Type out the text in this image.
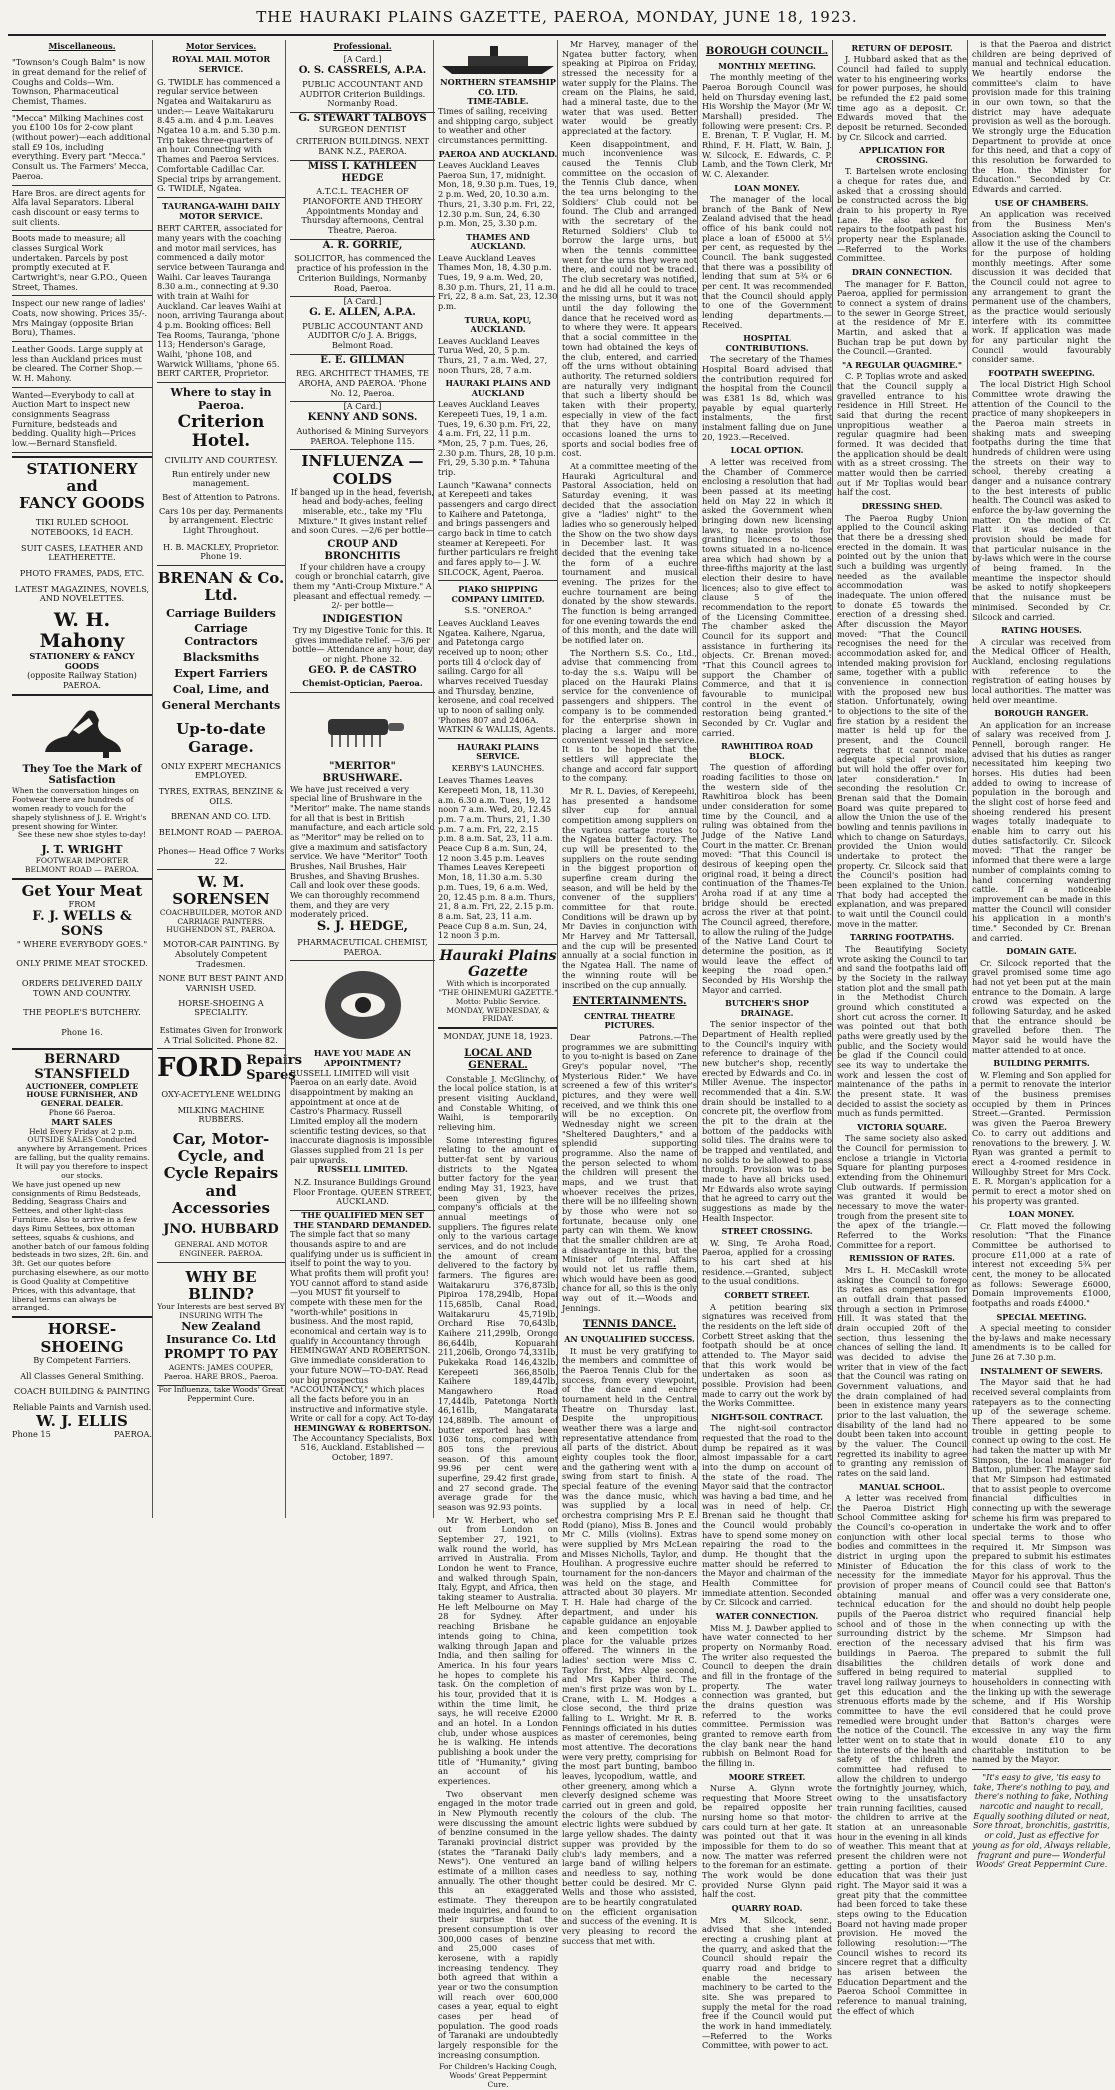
THE HAURAKI PLAINS GAZETTE, PAEROA, MONDAY, JUNE 18, 1923.
Miscellaneous.
"Townson's Cough Balm" is now in great demand for the relief of Coughs and Colds—Wm. Townson, Pharmaceutical Chemist, Thames.
"Mecca" Milking Machines cost you £100 10s for 2-cow plant (without power)—each additional stall £9 10s, including everything. Every part "Mecca." Consult us. The Farmers' Mecca, Paeroa.
Hare Bros. are direct agents for Alfa laval Separators. Liberal cash discount or easy terms to suit clients.
Boots made to measure; all classes Surgical Work undertaken. Parcels by post promptly executed at F. Cartwright's, near G.P.O., Queen Street, Thames.
Inspect our new range of ladies' Coats, now showing. Prices 35/-. Mrs Maingay (opposite Brian Boru), Thames.
Leather Goods. Large supply at less than Auckland prices must be cleared. The Corner Shop.—W. H. Mahony.
Wanted—Everybody to call at Auction Mart to inspect new consignments Seagrass Furniture, bedsteads and bedding. Quality high—Prices low.—Bernard Stansfield.
STATIONERY
and
FANCY GOODS
TIKI RULED SCHOOL NOTEBOOKS, 1d EACH.
SUIT CASES, LEATHER AND LEATHERETTE.
PHOTO FRAMES, PADS, ETC.
LATEST MAGAZINES, NOVELS, AND NOVELETTES.
W. H. Mahony
STATIONERY & FANCY GOODS
(opposite Railway Station)
PAEROA.
They Toe the Mark of Satisfaction
When the conversation hinges on Footwear there are hundreds of women ready to vouch for the shapely stylishness of J. E. Wright's present showing for Winter.
See these new shoe styles to-day!
J. T. WRIGHT
FOOTWEAR IMPORTER
BELMONT ROAD — PAEROA.
Get Your Meat
FROM
F. J. WELLS & SONS
" WHERE EVERYBODY GOES."
ONLY PRIME MEAT STOCKED.
ORDERS DELIVERED DAILY TOWN AND COUNTRY.
THE PEOPLE'S BUTCHERY.
Phone 16.
BERNARD STANSFIELD
AUCTIONEER, COMPLETE HOUSE FURNISHER, AND GENERAL DEALER.
Phone 66 Paeroa.
MART SALES
Held Every Friday at 2 p.m. OUTSIDE SALES Conducted anywhere by Arrangement. Prices are falling, but the quality remains. It will pay you therefore to inspect our stocks.
We have just opened up new consignments of Rimu Bedsteads, Bedding, Seagrass Chairs and Settees, and other light-class Furniture. Also to arrive in a few days Rimu Settees, box ottoman settees, squabs & cushions, and another batch of our famous folding bedsteads in two sizes, 2ft. 6in. and 3ft. Get our quotes before purchasing elsewhere, as our motto is Good Quality at Competitive Prices, with this advantage, that liberal terms can always be arranged.
HORSE-SHOEING
By Competent Farriers.
All Classes General Smithing.
COACH BUILDING & PAINTING
Reliable Paints and Varnish used.
W. J. ELLIS
Phone 15	PAEROA.
Motor Services.
ROYAL MAIL MOTOR SERVICE.
G. TWIDLE has commenced a regular service between Ngatea and Waitakaruru as under:— Leave Waitakaruru 8.45 a.m. and 4 p.m. Leaves Ngatea 10 a.m. and 5.30 p.m. Trip takes three-quarters of an hour. Connecting with Thames and Paeroa Services. Comfortable Cadillac Car. Special trips by arrangement. G. TWIDLE, Ngatea.
TAURANGA-WAIHI DAILY MOTOR SERVICE.
BERT CARTER, associated for many years with the coaching and motor mail services, has commenced a daily motor service between Tauranga and Waihi. Car leaves Tauranga 8.30 a.m., connecting at 9.30 with train at Waihi for Auckland. Car leaves Waihi at noon, arriving Tauranga about 4 p.m. Booking offices: Bell Tea Rooms, Tauranga, 'phone 113; Henderson's Garage, Waihi, 'phone 108, and Warwick Williams, 'phone 65. BERT CARTER, Proprietor.
Where to stay in Paeroa.
Criterion Hotel.
CIVILITY AND COURTESY.
Run entirely under new management.
Best of Attention to Patrons.
Cars 10s per day. Permanents by arrangement. Electric Light Throughout.
H. B. MACKLEY, Proprietor. Phone 19.
BRENAN & Co. Ltd.
Carriage Builders
Carriage Contractors
Blacksmiths
Expert Farriers
Coal, Lime, and
General Merchants
Up-to-date Garage.
ONLY EXPERT MECHANICS EMPLOYED.
TYRES, EXTRAS, BENZINE & OILS.
BRENAN AND CO. LTD.
BELMONT ROAD — PAEROA.
Phones— Head Office 7 Works 22.
W. M. SORENSEN
COACHBUILDER, MOTOR AND CARRIAGE PAINTERS. HUGHENDON ST., PAEROA.
MOTOR-CAR PAINTING. By Absolutely Competent Tradesmen.
NONE BUT BEST PAINT AND VARNISH USED.
HORSE-SHOEING A SPECIALITY.
Estimates Given for Ironwork A Trial Solicited. Phone 82.
FORD Repairs
Spares
OXY-ACETYLENE WELDING
MILKING MACHINE RUBBERS.
Car, Motor-Cycle, and Cycle Repairs and Accessories
JNO. HUBBARD
GENERAL AND MOTOR ENGINEER. PAEROA.
WHY BE BLIND?
Your Interests are best served BY INSURING WITH The
New Zealand Insurance Co. Ltd
PROMPT TO PAY
AGENTS: JAMES COUPER, Paeroa. HARE BROS., Paeroa.
For Influenza, take Woods' Great Peppermint Cure.
Professional.
[A Card.]
O. S. CASSRELS, A.P.A.
PUBLIC ACCOUNTANT AND AUDITOR Criterion Buildings. Normanby Road.
G. STEWART TALBOYS
SURGEON DENTIST
CRITERION BUILDINGS. NEXT BANK N.Z., PAEROA.
MISS I. KATHLEEN HEDGE
A.T.C.L. TEACHER OF PIANOFORTE AND THEORY Appointments Monday and Thursday afternoons, Central Theatre, Paeroa.
A. R. GORRIE,
SOLICITOR, has commenced the practice of his profession in the Criterion Buildings, Normanby Road, Paeroa.
[A Card.]
G. E. ALLEN, A.P.A.
PUBLIC ACCOUNTANT AND AUDITOR C/o J. A. Briggs, Belmont Road.
E. E. GILLMAN
REG. ARCHITECT THAMES, TE AROHA, AND PAEROA. 'Phone No. 12, Paeroa.
[A Card.]
KENNY AND SONS.
Authorised & Mining Surveyors PAEROA. Telephone 115.
INFLUENZA — COLDS
If banged up in the head, feverish, head and body-aches, feeling miserable, etc., take my "Flu Mixture." It gives instant relief and soon Cures. —2/6 per bottle—
CROUP AND BRONCHITIS
If your children have a croupy cough or bronchial catarrh, give them my "Anti-Croup Mixture." A pleasant and effectual remedy. —2/- per bottle—
INDIGESTION
Try my Digestive Tonic for this. It gives immediate relief. —3/6 per bottle— Attendance any hour, day or night. Phone 32.
GEO. P. de CASTRO
Chemist-Optician, Paeroa.
"MERITOR" BRUSHWARE.
We have just received a very special line of Brushware in the "Meritor" make. The name stands for all that is best in British manufacture, and each article sold as "Meritor" may be relied on to give a maximum and satisfactory service. We have "Meritor" Tooth Brushes, Nail Brushes, Hair Brushes, and Shaving Brushes. Call and look over these goods. We can thoroughly recommend them, and they are very moderately priced.
S. J. HEDGE,
PHARMACEUTICAL CHEMIST, PAEROA.
HAVE YOU MADE AN APPOINTMENT?
RUSSELL LIMITED will visit Paeroa on an early date. Avoid disappointment by making an appointment at once at de Castro's Pharmacy. Russell Limited employ all the modern scientific testing devices, so that inaccurate diagnosis is impossible. Glasses supplied from 21 1s per pair upwards.
RUSSELL LIMITED.
N.Z. Insurance Buildings Ground Floor Frontage. QUEEN STREET, AUCKLAND.
THE QUALIFIED MEN SET THE STANDARD DEMANDED.
The simple fact that so many thousands aspire to and are qualifying under us is sufficient in itself to point the way to you. What profits them will profit you! YOU cannot afford to stand aside—you MUST fit yourself to compete with these men for the "worth-while" positions in business. And the most rapid, economical and certain way is to qualify in Accountancy through HEMINGWAY AND ROBERTSON. Give immediate consideration to your future NOW—TO-DAY. Read our big prospectus "ACCOUNTANCY," which places all the facts before you in an instructive and informative style. Write or call for a copy. Act To-day.
HEMINGWAY & ROBERTSON.
The Accountancy Specialists, Box 516, Auckland. Established — October, 1897.
NORTHERN STEAMSHIP CO. LTD.
TIME-TABLE.
Times of sailing, receiving and shipping cargo, subject to weather and other circumstances permitting.
PAEROA AND AUCKLAND.
Leaves Auckland Leaves Paeroa Sun, 17, midnight. Mon, 18, 9.30 p.m. Tues, 19, 2 p.m. Wed, 20, 10.30 a.m. Thurs, 21, 3.30 p.m. Fri, 22, 12.30 p.m. Sun, 24, 6.30 p.m. Mon, 25, 3.30 p.m.
THAMES AND AUCKLAND.
Leave Auckland Leaves Thames Mon, 18, 4.30 p.m. Tues, 19, 9 a.m. Wed, 20, 8.30 p.m. Thurs, 21, 11 a.m. Fri, 22, 8 a.m. Sat, 23, 12.30 p.m.
TURUA, KOPU, AUCKLAND.
Leaves Auckland Leaves Turua Wed, 20, 5 p.m. Thurs, 21, 7 a.m. Wed, 27, noon Thurs, 28, 7 a.m.
HAURAKI PLAINS AND AUCKLAND
Leaves Auckland Leaves Kerepeeti Tues, 19, 1 a.m. Tues, 19, 6.30 p.m. Fri, 22, 4 a.m. Fri, 22, 11 p.m. *Mon, 25, 7 p.m. Tues, 26, 2.30 p.m. Thurs, 28, 10 p.m. Fri, 29, 5.30 p.m. * Tahuna trip.
Launch "Kawana" connects at Kerepeeti and takes passengers and cargo direct to Kaihere and Patetonga, and brings passengers and cargo back in time to catch steamer at Kerepeeti. For further particulars re freight and fares apply to— J. W. SILCOCK, Agent, Paeroa.
PIAKO SHIPPING COMPANY LIMITED.
S.S. "ONEROA."
Leaves Auckland Leaves Ngatea. Kaihere, Ngarua, and Patetonga cargo received up to noon; other ports till 4 o'clock day of sailing. Cargo for all wharves received Tuesday and Thursday, benzine, kerosene, and coal received up to noon of sailing only. 'Phones 807 and 2406A. WATKIN & WALLIS, Agents.
HAURAKI PLAINS SERVICE.
KERBY'S LAUNCHES.
Leaves Thames Leaves Kerepeeti Mon, 18, 11.30 a.m. 6.30 a.m. Tues, 19, 12 noon 7 a.m. Wed, 20, 12.45 p.m. 7 a.m. Thurs, 21, 1.30 p.m. 7 a.m. Fri, 22, 2.15 p.m. 8 a.m. Sat, 23, 11 a.m. Peace Cup 8 a.m. Sun, 24, 12 noon 3.45 p.m. Leaves Thames Leaves Kerepeeti Mon, 18, 11.30 a.m. 5.30 p.m. Tues, 19, 6 a.m. Wed, 20, 12.45 p.m. 8 a.m. Thurs, 21, 8 a.m. Fri, 22, 2.15 p.m. 8 a.m. Sat, 23, 11 a.m. Peace Cup 8 a.m. Sun, 24, 12 noon 3 p.m.
Hauraki Plains Gazette
With which is incorporated "THE OHINEMURI GAZETTE." Motto: Public Service. MONDAY, WEDNESDAY, & FRIDAY.
MONDAY, JUNE 18, 1923.
LOCAL AND GENERAL.

Constable J. McGlinchy, of the local police station, is at present visiting Auckland, and Constable Whiting, of Waihi, is temporarily relieving him.

Some interesting figures relating to the amount of butter-fat sent by various districts to the Ngatea butter factory for the year ending May 31, 1923, have been given by the company's officials at the annual meetings of suppliers. The figures relate only to the various cartage services, and do not include the amount of cream delivered to the factory by farmers. The figures are: Waitakaruru 376,873lb, Pipiroa 178,294lb, Hopai 115,685lb, Canal Road, Waitakaruru 45,719lb, Orchard Rise 70,643lb, Kaihere 211,299lb, Orongo 86,644lb, Kopuarahi 211,206lb, Orongo 74,331lb, Pukekaka Road 146,432lb, Kerepeeti 366,850lb, Kaihere 189,447lb, Mangawhero Road 17,444lb, Patetonga North 46,161lb, Mangatarata 124,889lb. The amount of butter exported has been 1036 tons, compared with 805 tons the previous season. Of this amount 99.96 per cent were superfine, 29.42 first grade, and 27 second grade. The average grade for the season was 92.93 points.

Mr W. Herbert, who set out from London on September 27, 1921, to walk round the world, has arrived in Australia. From London he went to France, and walked through Spain, Italy, Egypt, and Africa, then taking steamer to Australia. He left Melbourne on May 28 for Sydney. After reaching Brisbane he intends going to China, walking through Japan and India, and then sailing for America. In his four years he hopes to complete his task. On the completion of his tour, provided that it is within the time limit, he says, he will receive £2000 and an hotel. In a London club, under whose auspices he is walking. He intends publishing a book under the title of "Humanity," giving an account of his experiences.

Two observant men engaged in the motor trade in New Plymouth recently were discussing the amount of benzine consumed in the Taranaki provincial district (states the "Taranaki Daily News"). One ventured an estimate of a million cases annually. The other thought this an exaggerated estimate. They thereupon made inquiries, and found to their surprise that the present consumption is over 300,000 cases of benzine and 25,000 cases of kerosene, with a rapidly increasing tendency. They both agreed that within a year or two the consumption will reach over 600,000 cases a year, equal to eight cases per head of population. The good roads of Taranaki are undoubtedly largely responsible for the increasing consumption.

For Children's Hacking Cough, Woods' Great Peppermint Cure.

Mr Harvey, manager of the Ngatea butter factory, when speaking at Pipiroa on Friday, stressed the necessity for a water supply for the Plains. The cream on the Plains, he said, had a mineral taste, due to the water that was used. Better water would be greatly appreciated at the factory.

Keen disappointment, and much inconvenience was caused the Tennis Club committee on the occasion of the Tennis Club dance, when the tea urns belonging to the Soldiers' Club could not be found. The Club and arranged with the secretary of the Returned Soldiers' Club to borrow the large urns, but when the tennis committee went for the urns they were not there, and could not be traced. The club secretary was notified, and he did all he could to trace the missing urns, but it was not until the day following the dance that he received word as to where they were. It appears that a social committee in the town had obtained the keys of the club, entered, and carried off the urns without obtaining authority. The returned soldiers are naturally very indignant that such a liberty should be taken with their property, especially in view of the fact that they have on many occasions loaned the urns to sports and social bodies free of cost.

At a committee meeting of the Hauraki Agricultural and Pastoral Association, held on Saturday evening, it was decided that the association give a "ladies' night" to the ladies who so generously helped the Show on the two show days in December last. It was decided that the evening take the form of a euchre tournament and musical evening. The prizes for the euchre tournament are being donated by the show stewards. The function is being arranged for one evening towards the end of this month, and the date will be notified later on.

The Northern S.S. Co., Ltd., advise that commencing from to-day the s.s. Waipu will be placed on the Hauraki Plains service for the convenience of passengers and shippers. The company is to be commended for the enterprise shown in placing a larger and more convenient vessel in the service. It is to be hoped that the settlers will appreciate the change and accord fair support to the company.

Mr R. L. Davies, of Kerepeehi, has presented a handsome silver cup for annual competition among suppliers on the various cartage routes to the Ngatea butter factory. The cup will be presented to the suppliers on the route sending in the biggest proportion of superfine cream during the season, and will be held by the convener of the suppliers' committee for that route. Conditions will be drawn up by Mr Davies in conjunction with Mr Harvey and Mr Tattersall, and the cup will be presented annually at a social function in the Ngatea Hall. The name of the winning route will be inscribed on the cup annually.

ENTERTAINMENTS.
CENTRAL THEATRE PICTURES.

Dear Patrons.—The programmes we are submitting to you to-night is based on Zane Grey's popular novel, "The Mysterious Rider." We have screened a few of this writer's pictures, and they were well received, and we think this one will be no exception. On Wednesday night we screen "Sheltered Daughters," and a splendid supporting programme. Also the name of the person selected to whom the children will present the maps, and we trust that whoever receives the prizes, there will be no illfeeling shown by those who were not so fortunate, because only one party can win them. We know that the smaller children are at a disadvantage in this, but the Minister of Internal Affairs would not let us raffle them, which would have been as good chance for all, so this is the only way out of it.—Woods and Jennings.

TENNIS DANCE.
AN UNQUALIFIED SUCCESS.

It must be very gratifying to the members and committee of the Paeroa Tennis Club for the success, from every viewpoint, of the dance and euchre tournament held in the Central Theatre on Thursday last. Despite the unpropitious weather there was a large and representative attendance from all parts of the district. About eighty couples took the floor, and the gathering went with a swing from start to finish. A special feature of the evening was the dance music, which was supplied by a local orchestra comprising Mrs P. E. Rodd (piano), Miss B. Jones and Mr C. Mills (violins). Extras were supplied by Mrs McLean and Misses Nicholls, Taylor, and Houlihan. A progressive euchre tournament for the non-dancers was held on the stage, and attracted about 30 players. Mr T. H. Hale had charge of the department, and under his capable guidance an enjoyable and keen competition took place for the valuable prizes offered. The winners in the ladies' section were Miss C. Taylor first, Mrs Alpe second, and Mrs Kapber third. The men's first prize was won by L. Crane, with L. M. Hodges a close second, the third prize falling to L. Wright. Mr R. B. Fennings officiated in his duties as master of ceremonies, being most attentive. The decorations were very pretty, comprising for the most part bunting, bamboo leaves, lycopodium, wattle, and other greenery, among which a cleverly designed scheme was carried out in green and gold, the colours of the club. The electric lights were subdued by large yellow shades. The dainty supper was provided by the club's lady members, and a large band of willing helpers and needless to say, nothing better could be desired. Mr C. Wells and those who assisted, are to be heartily congratulated on the efficient organisation and success of the evening. It is very pleasing to record the success that met with.

BOROUGH COUNCIL.
MONTHLY MEETING.

The monthly meeting of the Paeroa Borough Council was held on Thursday evening last, His Worship the Mayor (Mr W. Marshall) presided. The following were present: Crs. P. E. Brenan, T. P. Vuglar, H. M. Rhind, F. H. Flatt, W. Bain, J. W. Silcock, E. Edwards, C. P. Lamb, and the Town Clerk, Mr W. C. Alexander.

LOAN MONEY.

The manager of the local branch of the Bank of New Zealand advised that the head office of his bank could not place a loan of £5000 at 5½ per cent, as requested by the Council. The bank suggested that there was a possibility of lending that sum at 5¾ or 6 per cent. It was recommended that the Council should apply to one of the Government lending departments.—Received.

HOSPITAL CONTRIBUTIONS.

The secretary of the Thames Hospital Board advised that the contribution required for the hospital from the Council was £381 1s 8d, which was payable by equal quarterly instalments, the first instalment falling due on June 20, 1923.—Received.

LOCAL OPTION.

A letter was received from the Chamber of Commerce enclosing a resolution that had been passed at its meeting held on May 22 in which it asked the Government when bringing down new licensing laws, to make provision for granting licences to those towns situated in a no-licence area which had shown by a three-fifths majority at the last election their desire to have licences; also to give effect to clause 5 of the recommendation to the report of the Licensing Committee. The chamber asked the Council for its support and assistance in furthering its objects. Cr. Brenan moved: "That this Council agrees to support the Chamber of Commerce, and that it is favourable to municipal control in the event of restoration being granted." Seconded by Cr. Vuglar and carried.

RAWHITIROA ROAD BLOCK.

The question of affording roading facilities to those on the western side of the Rawhitiroa block has been under consideration for some time by the Council, and a ruling was obtained from the Judge of the Native Land Court in the matter. Cr. Brenan moved: "That this Council is desirous of keeping open the original road, it being a direct continuation of the Thames-Te Aroha road if at any time a bridge should be erected across the river at that point. The Council agreed, therefore, to allow the ruling of the Judge of the Native Land Court to determine the position, as it would leave the effect of keeping the road open." Seconded by His Worship the Mayor and carried.

BUTCHER'S SHOP DRAINAGE.

The senior inspector of the Department of Health replied to the Council's inquiry with reference to drainage of the new butcher's shop, recently erected by Edwards and Co. in Miller Avenue. The inspector recommended that a 4in. S.W. drain should be installed to a concrete pit, the overflow from the pit to the drain at the bottom of the paddocks with solid tiles. The drains were to be trapped and ventilated, and no solids to be allowed to pass through. Provision was to be made to have all bricks used. Mr Edwards also wrote saying that he agreed to carry out the suggestions as made by the Health Inspector.

STREET CROSSING.

W. Sing, Te Aroha Road, Paeroa, applied for a crossing to his cart shed at his residence.—Granted, subject to the usual conditions.

CORBETT STREET.

A petition bearing six signatures was received from the residents on the left side of Corbett Street asking that the footpath should be at once attended to. The Mayor said that this work would be undertaken as soon as possible. Provision had been made to carry out the work by the Works Committee.

NIGHT-SOIL CONTRACT.

The night-soil contractor requested that the road to the dump be repaired as it was almost impassable for a cart into the dump on account of the state of the road. The Mayor said that the contractor was having a bad time, and he was in need of help. Cr. Brenan said he thought that the Council would probably have to spend some money on repairing the road to the dump. He thought that the matter should be referred to the Mayor and chairman of the Health Committee for immediate attention. Seconded by Cr. Silcock and carried.

WATER CONNECTION.

Miss M. J. Dawber applied to have water connected to her property on Normanby Road. The writer also requested the Council to deepen the drain and fill in the frontage of the property. The water connection was granted, but the drains question was referred to the works committee. Permission was granted to remove earth from the clay bank near the hand rubbish on Belmont Road for the filling in.

MOORE STREET.

Nurse A. Glynn wrote requesting that Moore Street be repaired opposite her nursing home so that motor-cars could turn at her gate. It was pointed out that it was impossible for them to do so now. The matter was referred to the foreman for an estimate. The work would be done provided Nurse Glynn paid half the cost.

QUARRY ROAD.

Mrs M. Silcock, senr., advised that she intended erecting a crushing plant at the quarry, and asked that the Council should repair the quarry road and bridge to enable the necessary machinery to be carted to the site. She was prepared to supply the metal for the road free if the Council would put the work in hand immediately.—Referred to the Works Committee, with power to act.

RETURN OF DEPOSIT.

J. Hubbard asked that as the Council had failed to supply water to his engineering works for power purposes, he should be refunded the £2 paid some time ago as a deposit. Cr. Edwards moved that the deposit be returned. Seconded by Cr. Silcock and carried.

APPLICATION FOR CROSSING.

T. Bartelsen wrote enclosing a cheque for rates due, and asked that a crossing should be constructed across the big drain to his property in Rye Lane. He also asked for repairs to the footpath past his property near the Esplanade.—Referred to the Works Committee.

DRAIN CONNECTION.

The manager for F. Batton, Paeroa, applied for permission to connect a system of drains to the sewer in George Street, at the residence of Mr E. Martin, and asked that a Buchan trap be put down by the Council.—Granted.

"A REGULAR QUAGMIRE."

C. P. Toplias wrote and asked that the Council supply a gravelled entrance to his residence in Hill Street. He said that during the recent unpropitious weather a regular quagmire had been formed. It was decided that the application should be dealt with as a street crossing. The matter would then be carried out if Mr Toplias would bear half the cost.

DRESSING SHED.

The Paeroa Rugby Union applied to the Council asking that there be a dressing shed erected in the domain. It was pointed out by the union that such a building was urgently needed as the available accommodation was inadequate. The union offered to donate £5 towards the erection of a dressing shed. After discussion the Mayor moved: "That the Council recognises the need for the accommodation asked for, and intended making provision for same, together with a public convenience in connection with the proposed new bus station. Unfortunately, owing to objections to the site of the fire station by a resident the matter is held up for the present, and the Council regrets that it cannot make adequate special provision, but will hold the offer over for later consideration." In seconding the resolution Cr. Brenan said that the Domain Board was quite prepared to allow the Union the use of the bowling and tennis pavilions in which to change on Saturdays, provided the Union would undertake to protect the property. Cr. Silcock said that the Council's position had been explained to the Union. That body had accepted the explanation, and was prepared to wait until the Council could move in the matter.

TARRING FOOTPATHS.

The Beautifying Society wrote asking the Council to tar and sand the footpaths laid off by the Society in the railway station plot and the small path in the Methodist Church ground which constituted a short cut across the corner. It was pointed out that both paths were greatly used by the public, and the Society would be glad if the Council could see its way to undertake the work and lessen the cost of maintenance of the paths in the present state. It was decided to assist the society as much as funds permitted.

VICTORIA SQUARE.

The same society also asked the Council for permission to enclose a triangle in Victoria Square for planting purposes extending from the Ohinemuri Club outwards. If permission was granted it would be necessary to move the water-trough from the present site to the apex of the triangle.—Referred to the Works Committee for a report.

REMISSION OF RATES.

Mrs L. H. McCaskill wrote asking the Council to forego its rates as compensation for an outfall drain that passed through a section in Primrose Hill. It was stated that the drain occupied 20ft of the section, thus lessening the chances of selling the land. It was decided to advise the writer that in view of the fact that the Council was rating on Government valuations, and the drain complained of had been in existence many years prior to the last valuation, the disability of the land had no doubt been taken into account by the valuer. The Council regretted its inability to agree to granting any remission of rates on the said land.

MANUAL SCHOOL.

A letter was received from the Paeroa District High School Committee asking for the Council's co-operation in conjunction with other local bodies and committees in the district in urging upon the Minister of Education the necessity for the immediate provision of proper means of obtaining manual and technical education for the pupils of the Paeroa district school and of those in the surrounding district by the erection of the necessary buildings in Paeroa. The disabilities the children suffered in being required to travel long railway journeys to get this education and the strenuous efforts made by the committee to have the evil remedied were brought under the notice of the Council. The letter went on to state that in the interests of the health and safety of the children the committee had refused to allow the children to undergo the fortnightly journey, which, owing to the unsatisfactory train running facilities, caused the children to arrive at the station at an unreasonable hour in the evening in all kinds of weather. This meant that at present the children were not getting a portion of their education that was their just right. The Mayor said it was a great pity that the committee had been forced to take these steps owing to the Education Board not having made proper provision. He moved the following resolution:—"The Council wishes to record its sincere regret that a difficulty has arisen between the Education Department and the Paeroa School Committee in reference to manual training, the effect of which

is that the Paeroa and district children are being deprived of manual and technical education. We heartily endorse the committee's claim to have provision made for this training in our own town, so that the district may have adequate provision as well as the borough. We strongly urge the Education Department to provide at once for this need, and that a copy of this resolution be forwarded to the Hon. the Minister for Education." Seconded by Cr. Edwards and carried.

USE OF CHAMBERS.

An application was received from the Business Men's Association asking the Council to allow it the use of the chambers for the purpose of holding monthly meetings. After some discussion it was decided that the Council could not agree to any arrangement to grant the permanent use of the chambers, as the practice would seriously interfere with its committee work. If application was made for any particular night the Council would favourably consider same.

FOOTPATH SWEEPING.

The local District High School Committee wrote drawing the attention of the Council to the practice of many shopkeepers in the Paeroa main streets in shaking mats and sweeping footpaths during the time that hundreds of children were using the streets on their way to school, thereby creating a danger and a nuisance contrary to the best interests of public health. The Council was asked to enforce the by-law governing the matter. On the motion of Cr. Flatt it was decided that provision should be made for that particular nuisance in the by-laws which were in the course of being framed. In the meantime the inspector should be asked to notify shopkeepers that the nuisance must be minimised. Seconded by Cr. Silcock and carried.

RATING HOUSES.

A circular was received from the Medical Officer of Health, Auckland, enclosing regulations with reference to the registration of eating houses by local authorities. The matter was held over meantime.

BOROUGH RANGER.

An application for an increase of salary was received from J. Pennell, borough ranger. He advised that his duties as ranger necessitated him keeping two horses. His duties had been added to owing to increase of population in the borough and the slight cost of horse feed and shoeing rendered his present wages totally inadequate to enable him to carry out his duties satisfactorily. Cr. Silcock moved: "That the ranger be informed that there were a large number of complaints coming to hand concerning wandering cattle. If a noticeable improvement can be made in this matter the Council will consider his application in a month's time." Seconded by Cr. Brenan and carried.

DOMAIN GATE.

Cr. Silcock reported that the gravel promised some time ago had not yet been put at the main entrance to the Domain. A large crowd was expected on the following Saturday, and he asked that the entrance should be gravelled before then. The Mayor said he would have the matter attended to at once.

BUILDING PERMITS.

W. Fleming and Son applied for a permit to renovate the interior of the business premises occupied by them in Princes Street.—Granted. Permission was given the Paeroa Brewery Co. to carry out additions and renovations to the brewery. J. W. Ryan was granted a permit to erect a 4-roomed residence in Willoughby Street for Mrs Cock. E. R. Morgan's application for a permit to erect a motor shed on his property was granted.

LOAN MONEY.

Cr. Flatt moved the following resolution: "That the Finance Committee be authorised to procure £11,000 at a rate of interest not exceeding 5¾ per cent, the money to be allocated as follows: Sewerage £6000, Domain improvements £1000, footpaths and roads £4000."

SPECIAL MEETING.

A special meeting to consider the by-laws and make necessary amendments is to be called for June 26 at 7.30 p.m.

INSTALMENT OF SEWERS.

The Mayor said that he had received several complaints from ratepayers as to the connecting up of the sewerage scheme. There appeared to be some trouble in getting people to connect up owing to the cost. He had taken the matter up with Mr Simpson, the local manager for Batton, plumber. The Mayor said that Mr Simpson had estimated that to assist people to overcome financial difficulties in connecting up with the sewerage scheme his firm was prepared to undertake the work and to offer special terms to those who required it. Mr Simpson was prepared to submit his estimates for this class of work to the Mayor for his approval. Thus the Council could see that Batton's offer was a very considerate one, and should no doubt help people who required financial help when connecting up with the scheme. Mr Simpson had advised that his firm was prepared to submit the full details of work done and material supplied to householders in connecting with the linking up with the sewerage scheme, and if His Worship considered that he could prove that Batton's charges were excessive in any way the firm would donate £10 to any charitable institution to be named by the Mayor.

"It's easy to give, 'tis easy to take, There's nothing to pay, and there's nothing to fake, Nothing narcotic and naught to recall, Equally soothing diluted or neat, Sore throat, bronchitis, gastritis, or cold, Just as effective for young as for old, Always reliable, fragrant and pure— Wonderful Woods' Great Peppermint Cure.
